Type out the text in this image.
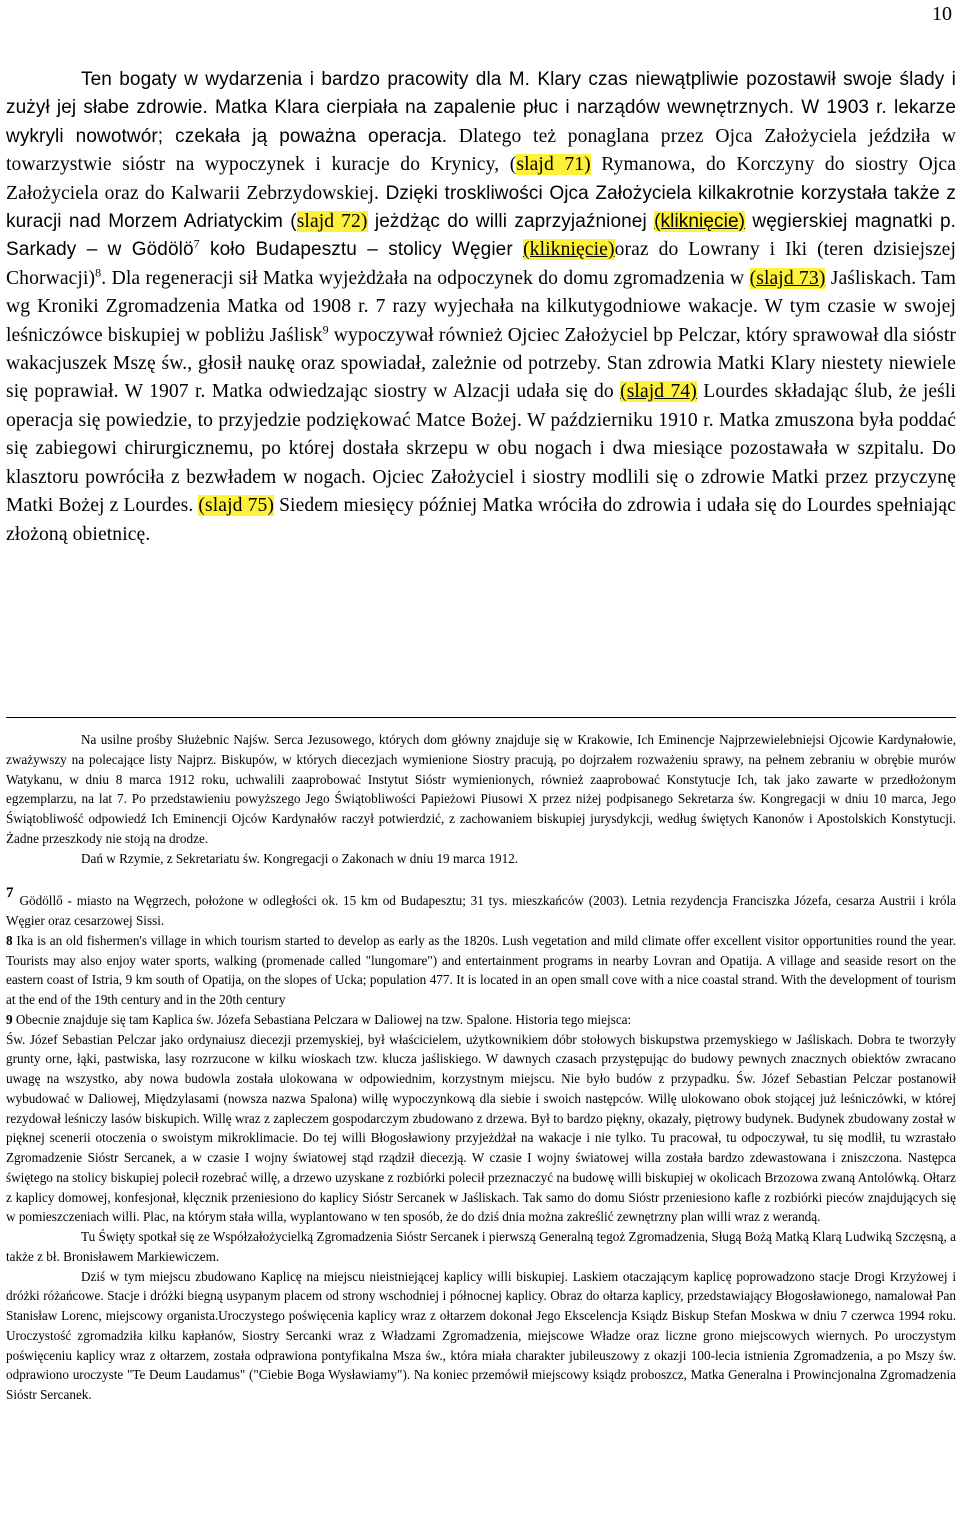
10
Ten bogaty w wydarzenia i bardzo pracowity dla M. Klary czas niewątpliwie pozostawił swoje ślady i zużył jej słabe zdrowie. Matka Klara cierpiała na zapalenie płuc i narządów wewnętrznych. W 1903 r. lekarze wykryli nowotwór; czekała ją poważna operacja. Dlatego też ponaglana przez Ojca Założyciela jeździła w towarzystwie sióstr na wypoczynek i kuracje do Krynicy, (slajd 71) Rymanowa, do Korczyny do siostry Ojca Założyciela oraz do Kalwarii Zebrzydowskiej. Dzięki troskliwości Ojca Założyciela kilkakrotnie korzystała także z kuracji nad Morzem Adriatyckim (slajd 72) jeżdżąc do willi zaprzyjaźnionej (kliknięcie) węgierskiej magnatki p. Sarkady – w Gödölö$^7$ koło Budapesztu – stolicy Węgier (kliknięcie)oraz do Lowrany i Iki (teren dzisiejszej Chorwacji)$^8$. Dla regeneracji sił Matka wyjeżdżała na odpoczynek do domu zgromadzenia w (slajd 73) Jaśliskach. Tam wg Kroniki Zgromadzenia Matka od 1908 r. 7 razy wyjechała na kilkutygodniowe wakacje. W tym czasie w swojej leśniczówce biskupiej w pobliżu Jaślisk$^9$ wypoczywał również Ojciec Założyciel bp Pelczar, który sprawował dla sióstr wakacjuszek Mszę św., głosił naukę oraz spowiadał, zależnie od potrzeby. Stan zdrowia Matki Klary niestety niewiele się poprawiał. W 1907 r. Matka odwiedzając siostry w Alzacji udała się do (slajd 74) Lourdes składając ślub, że jeśli operacja się powiedzie, to przyjedzie podziękować Matce Bożej. W październiku 1910 r. Matka zmuszona była poddać się zabiegowi chirurgicznemu, po której dostała skrzepu w obu nogach i dwa miesiące pozostawała w szpitalu. Do klasztoru powróciła z bezwładem w nogach. Ojciec Założyciel i siostry modlili się o zdrowie Matki przez przyczynę Matki Bożej z Lourdes. (slajd 75) Siedem miesięcy później Matka wróciła do zdrowia i udała się do Lourdes spełniając złożoną obietnicę.

Na usilne prośby Służebnic Najśw. Serca Jezusowego, których dom główny znajduje się w Krakowie, Ich Eminencje Najprzewielebniejsi Ojcowie Kardynałowie, zważywszy na polecające listy Najprz. Biskupów, w których diecezjach wymienione Siostry pracują, po dojrzałem rozważeniu sprawy, na pełnem zebraniu w obrębie murów Watykanu, w dniu 8 marca 1912 roku, uchwalili zaaprobować Instytut Sióstr wymienionych, również zaaprobować Konstytucje Ich, tak jako zawarte w przedłożonym egzemplarzu, na lat 7. Po przedstawieniu powyższego Jego Świątobliwości Papieżowi Piusowi X przez niżej podpisanego Sekretarza św. Kongregacji w dniu 10 marca, Jego Świątobliwość odpowiedź Ich Eminencji Ojców Kardynałów raczył potwierdzić, z zachowaniem biskupiej jurysdykcji, według świętych Kanonów i Apostolskich Konstytucji. Żadne przeszkody nie stoją na drodze.

Dań w Rzymie, z Sekretariatu św. Kongregacji o Zakonach w dniu 19 marca 1912.

7 Gödöllő - miasto na Węgrzech, położone w odległości ok. 15 km od Budapesztu; 31 tys. mieszkańców (2003). Letnia rezydencja Franciszka Józefa, cesarza Austrii i króla Węgier oraz cesarzowej Sissi.

8 Ika is an old fishermen's village in which tourism started to develop as early as the 1820s. Lush vegetation and mild climate offer excellent visitor opportunities round the year. Tourists may also enjoy water sports, walking (promenade called "lungomare") and entertainment programs in nearby Lovran and Opatija. A village and seaside resort on the eastern coast of Istria, 9 km south of Opatija, on the slopes of Ucka; population 477. It is located in an open small cove with a nice coastal strand. With the development of tourism at the end of the 19th century and in the 20th century

9 Obecnie znajduje się tam Kaplica św. Józefa Sebastiana Pelczara w Daliowej na tzw. Spalone. Historia tego miejsca:

Św. Józef Sebastian Pelczar jako ordynaiusz diecezji przemyskiej, był właścicielem, użytkownikiem dóbr stołowych biskupstwa przemyskiego w Jaśliskach. Dobra te tworzyły grunty orne, łąki, pastwiska, lasy rozrzucone w kilku wioskach tzw. klucza jaśliskiego. W dawnych czasach przystępując do budowy pewnych znacznych obiektów zwracano uwagę na wszystko, aby nowa budowla została ulokowana w odpowiednim, korzystnym miejscu. Nie było budów z przypadku. Św. Józef Sebastian Pelczar postanowił wybudować w Daliowej, Międzylasami (nowsza nazwa Spalona) willę wypoczynkową dla siebie i swoich następców. Willę ulokowano obok stojącej już leśniczówki, w której rezydował leśniczy lasów biskupich. Willę wraz z zapleczem gospodarczym zbudowano z drzewa. Był to bardzo piękny, okazały, piętrowy budynek. Budynek zbudowany został w pięknej scenerii otoczenia o swoistym mikroklimacie. Do tej willi Błogosławiony przyjeżdżał na wakacje i nie tylko. Tu pracował, tu odpoczywał, tu się modlił, tu wzrastało Zgromadzenie Sióstr Sercanek, a w czasie I wojny światowej stąd rządził diecezją. W czasie I wojny światowej willa została bardzo zdewastowana i zniszczona. Następca świętego na stolicy biskupiej polecił rozebrać willę, a drzewo uzyskane z rozbiórki polecił przeznaczyć na budowę willi biskupiej w okolicach Brzozowa zwaną Antolówką. Ołtarz z kaplicy domowej, konfesjonał, klęcznik przeniesiono do kaplicy Sióstr Sercanek w Jaśliskach. Tak samo do domu Sióstr przeniesiono kafle z rozbiórki pieców znajdujących się w pomieszczeniach willi. Plac, na którym stała willa, wyplantowano w ten sposób, że do dziś dnia można zakreślić zewnętrzny plan willi wraz z werandą.

Tu Święty spotkał się ze Współzałożycielką Zgromadzenia Sióstr Sercanek i pierwszą Generalną tegoż Zgromadzenia, Sługą Bożą Matką Klarą Ludwiką Szczęsną, a także z bł. Bronisławem Markiewiczem.

Dziś w tym miejscu zbudowano Kaplicę na miejscu nieistniejącej kaplicy willi biskupiej. Laskiem otaczającym kaplicę poprowadzono stacje Drogi Krzyżowej i dróżki różańcowe. Stacje i dróżki biegną usypanym placem od strony wschodniej i północnej kaplicy. Obraz do ołtarza kaplicy, przedstawiający Błogosławionego, namalował Pan Stanisław Lorenc, miejscowy organista.Uroczystego poświęcenia kaplicy wraz z ołtarzem dokonał Jego Ekscelencja Ksiądz Biskup Stefan Moskwa w dniu 7 czerwca 1994 roku. Uroczystość zgromadziła kilku kapłanów, Siostry Sercanki wraz z Władzami Zgromadzenia, miejscowe Władze oraz liczne grono miejscowych wiernych. Po uroczystym poświęceniu kaplicy wraz z ołtarzem, została odprawiona pontyfikalna Msza św., która miała charakter jubileuszowy z okazji 100-lecia istnienia Zgromadzenia, a po Mszy św. odprawiono uroczyste "Te Deum Laudamus" ("Ciebie Boga Wysławiamy"). Na koniec przemówił miejscowy ksiądz proboszcz, Matka Generalna i Prowincjonalna Zgromadzenia Sióstr Sercanek.
